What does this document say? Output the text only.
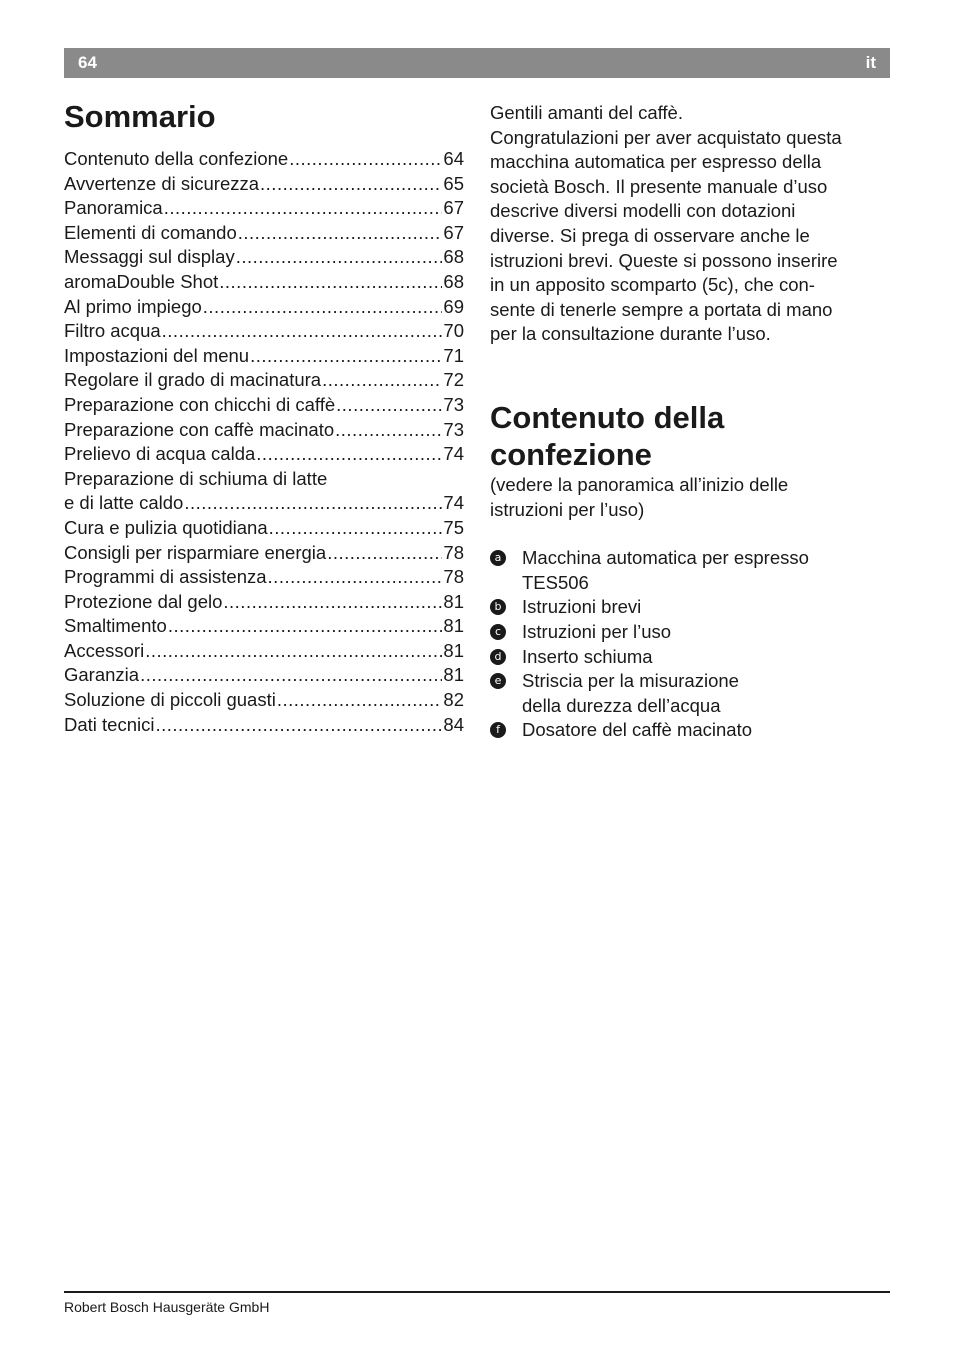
64	it
Sommario
Contenuto della confezione .....	64
Avvertenze di sicurezza .....	65
Panoramica .....	67
Elementi di comando .....	67
Messaggi sul display .....	68
aromaDouble Shot .....	68
Al primo impiego .....	69
Filtro acqua .....	70
Impostazioni del menu .....	71
Regolare il grado di macinatura .....	72
Preparazione con chicchi di caffè .....	73
Preparazione con caffè macinato .....	73
Prelievo di acqua calda .....	74
Preparazione di schiuma di latte
e di latte caldo .....	74
Cura e pulizia quotidiana .....	75
Consigli per risparmiare energia .....	78
Programmi di assistenza .....	78
Protezione dal gelo .....	81
Smaltimento .....	81
Accessori .....	81
Garanzia .....	81
Soluzione di piccoli guasti .....	82
Dati tecnici .....	84

Gentili amanti del caffè.

Congratulazioni per aver acquistato questa

macchina automatica per espresso della

società Bosch. Il presente manuale d’uso

descrive diversi modelli con dotazioni

diverse. Si prega di osservare anche le

istruzioni brevi. Queste si possono inserire

in un apposito scomparto (5c), che con-

sente di tenerle sempre a portata di mano

per la consultazione durante l’uso.

Contenuto della
confezione

(vedere la panoramica all’inizio delle

istruzioni per l’uso)

a Macchina automatica per espresso
TES506
b Istruzioni brevi
c Istruzioni per l’uso
d Inserto schiuma
e Striscia per la misurazione
della durezza dell’acqua
f	Dosatore del caffè macinato
Robert Bosch Hausgeräte GmbH
